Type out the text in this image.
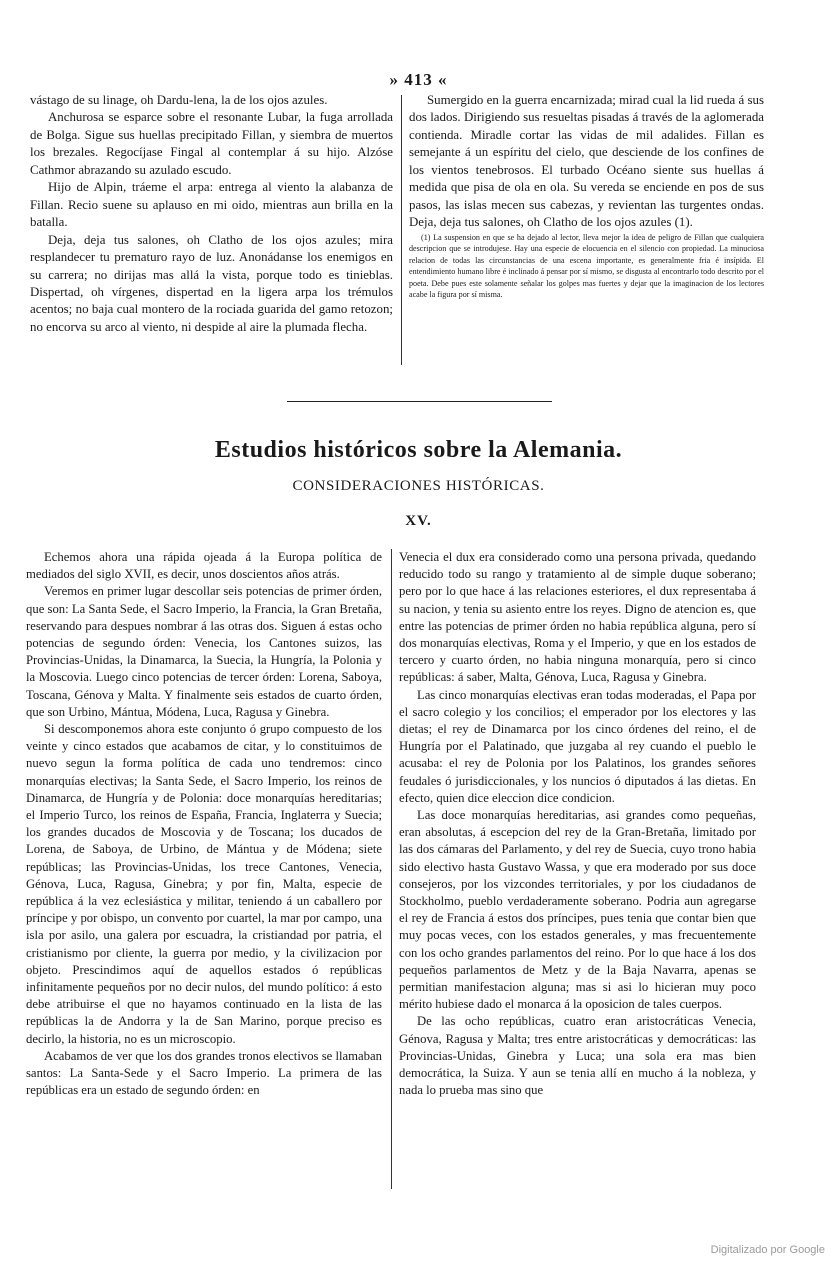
» 413 «

vástago de su linage, oh Dardu-lena, la de los ojos azules.

Anchurosa se esparce sobre el resonante Lubar, la fuga arrollada de Bolga. Sigue sus huellas precipitado Fillan, y siembra de muertos los brezales. Regocíjase Fingal al contemplar á su hijo. Alzóse Cathmor abrazando su azulado escudo.

Hijo de Alpin, tráeme el arpa: entrega al viento la alabanza de Fillan. Recio suene su aplauso en mi oido, mientras aun brilla en la batalla.

Deja, deja tus salones, oh Clatho de los ojos azules; mira resplandecer tu prematuro rayo de luz. Anonádanse los enemigos en su carrera; no dirijas mas allá la vista, porque todo es tinieblas. Dispertad, oh vírgenes, dispertad en la ligera arpa los trémulos acentos; no baja cual montero de la rociada guarida del gamo retozon; no encorva su arco al viento, ni despide al aire la plumada flecha.

Sumergido en la guerra encarnizada; mirad cual la lid rueda á sus dos lados. Dirigiendo sus resueltas pisadas á través de la aglomerada contienda. Miradle cortar las vidas de mil adalides. Fillan es semejante á un espíritu del cielo, que desciende de los confines de los vientos tenebrosos. El turbado Océano siente sus huellas á medida que pisa de ola en ola. Su vereda se enciende en pos de sus pasos, las islas mecen sus cabezas, y revientan las turgentes ondas. Deja, deja tus salones, oh Clatho de los ojos azules (1).

(1) La suspension en que se ha dejado al lector, lleva mejor la idea de peligro de Fillan que cualquiera descripcion que se introdujese. Hay una especie de elocuencia en el silencio con propiedad. La minuciosa relacion de todas las circunstancias de una escena importante, es generalmente fria é insípida. El entendimiento humano libre é inclinado á pensar por sí mismo, se disgusta al encontrarlo todo descrito por el poeta. Debe pues este solamente señalar los golpes mas fuertes y dejar que la imaginacion de los lectores acabe la figura por sí misma.

Estudios históricos sobre la Alemania.
CONSIDERACIONES HISTÓRICAS.
XV.

Echemos ahora una rápida ojeada á la Europa política de mediados del siglo XVII, es decir, unos doscientos años atrás.

Veremos en primer lugar descollar seis potencias de primer órden, que son: La Santa Sede, el Sacro Imperio, la Francia, la Gran Bretaña, reservando para despues nombrar á las otras dos. Siguen á estas ocho potencias de segundo órden: Venecia, los Cantones suizos, las Provincias-Unidas, la Dinamarca, la Suecia, la Hungría, la Polonia y la Moscovia. Luego cinco potencias de tercer órden: Lorena, Saboya, Toscana, Génova y Malta. Y finalmente seis estados de cuarto órden, que son Urbino, Mántua, Módena, Luca, Ragusa y Ginebra.

Si descomponemos ahora este conjunto ó grupo compuesto de los veinte y cinco estados que acabamos de citar, y lo constituimos de nuevo segun la forma política de cada uno tendremos: cinco monarquías electivas; la Santa Sede, el Sacro Imperio, los reinos de Dinamarca, de Hungría y de Polonia: doce monarquías hereditarias; el Imperio Turco, los reinos de España, Francia, Inglaterra y Suecia; los grandes ducados de Moscovia y de Toscana; los ducados de Lorena, de Saboya, de Urbino, de Mántua y de Módena; siete repúblicas; las Provincias-Unidas, los trece Cantones, Venecia, Génova, Luca, Ragusa, Ginebra; y por fin, Malta, especie de república á la vez eclesiástica y militar, teniendo á un caballero por príncipe y por obispo, un convento por cuartel, la mar por campo, una isla por asilo, una galera por escuadra, la cristiandad por patria, el cristianismo por cliente, la guerra por medio, y la civilizacion por objeto. Prescindimos aquí de aquellos estados ó repúblicas infinitamente pequeños por no decir nulos, del mundo político: á esto debe atribuirse el que no hayamos continuado en la lista de las repúblicas la de Andorra y la de San Marino, porque preciso es decirlo, la historia, no es un microscopio.

Acabamos de ver que los dos grandes tronos electivos se llamaban santos: La Santa-Sede y el Sacro Imperio. La primera de las repúblicas era un estado de segundo órden: en

Venecia el dux era considerado como una persona privada, quedando reducido todo su rango y tratamiento al de simple duque soberano; pero por lo que hace á las relaciones esteriores, el dux representaba á su nacion, y tenia su asiento entre los reyes. Digno de atencion es, que entre las potencias de primer órden no habia república alguna, pero sí dos monarquías electivas, Roma y el Imperio, y que en los estados de tercero y cuarto órden, no habia ninguna monarquía, pero si cinco repúblicas: á saber, Malta, Génova, Luca, Ragusa y Ginebra.

Las cinco monarquías electivas eran todas moderadas, el Papa por el sacro colegio y los concilios; el emperador por los electores y las dietas; el rey de Dinamarca por los cinco órdenes del reino, el de Hungría por el Palatinado, que juzgaba al rey cuando el pueblo le acusaba: el rey de Polonia por los Palatinos, los grandes señores feudales ó jurisdiccionales, y los nuncios ó diputados á las dietas. En efecto, quien dice eleccion dice condicion.

Las doce monarquías hereditarias, asi grandes como pequeñas, eran absolutas, á escepcion del rey de la Gran-Bretaña, limitado por las dos cámaras del Parlamento, y del rey de Suecia, cuyo trono habia sido electivo hasta Gustavo Wassa, y que era moderado por sus doce consejeros, por los vizcondes territoriales, y por los ciudadanos de Stockholmo, pueblo verdaderamente soberano. Podria aun agregarse el rey de Francia á estos dos príncipes, pues tenia que contar bien que muy pocas veces, con los estados generales, y mas frecuentemente con los ocho grandes parlamentos del reino. Por lo que hace á los dos pequeños parlamentos de Metz y de la Baja Navarra, apenas se permitian manifestacion alguna; mas si asi lo hicieran muy poco mérito hubiese dado el monarca á la oposicion de tales cuerpos.

De las ocho repúblicas, cuatro eran aristocráticas Venecia, Génova, Ragusa y Malta; tres entre aristocráticas y democráticas: las Provincias-Unidas, Ginebra y Luca; una sola era mas bien democrática, la Suiza. Y aun se tenia allí en mucho á la nobleza, y nada lo prueba mas sino que

Digitalizado por Google
